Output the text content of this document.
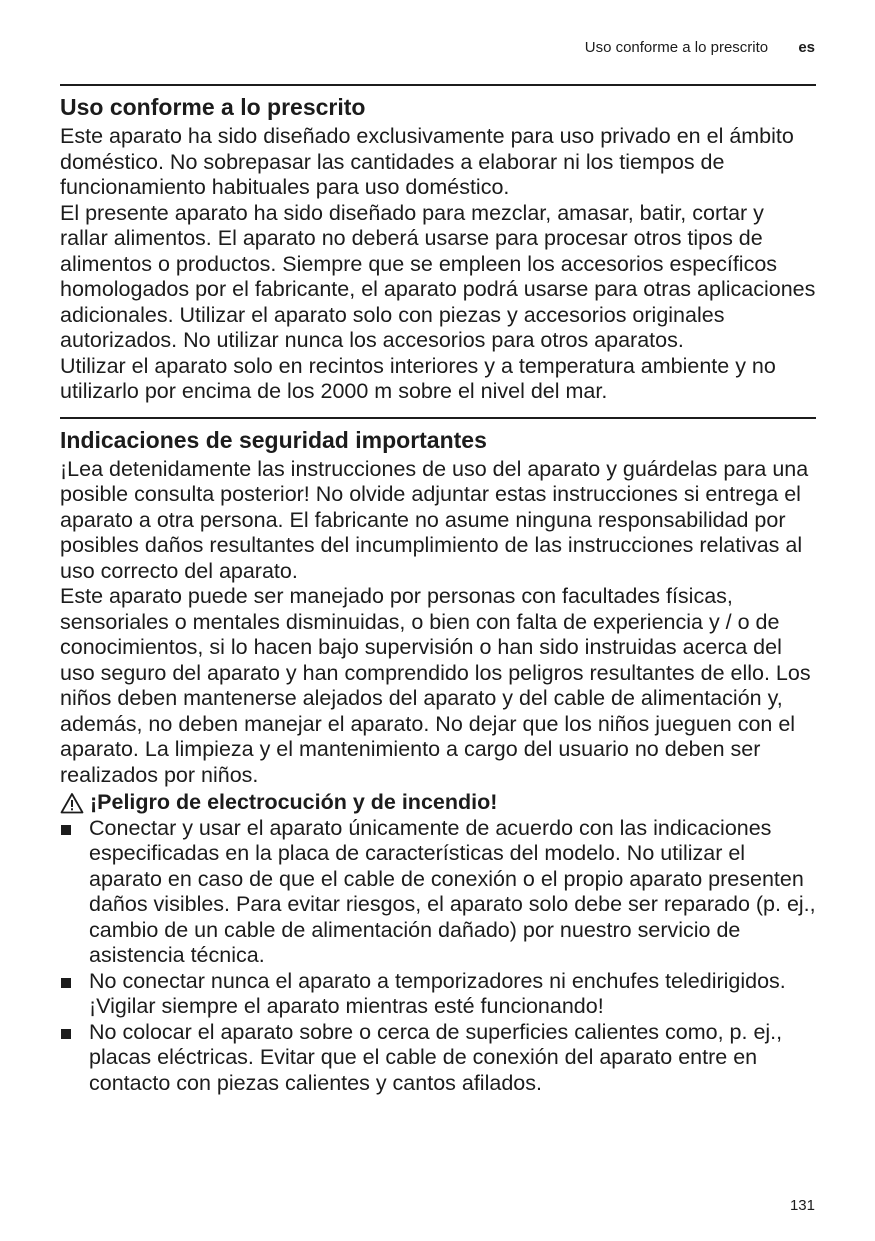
Uso conforme a lo prescrito es
Uso conforme a lo prescrito

Este aparato ha sido diseñado exclusivamente para uso privado en el ámbito doméstico. No sobrepasar las cantidades a elaborar ni los tiempos de funcionamiento habituales para uso doméstico.

El presente aparato ha sido diseñado para mezclar, amasar, batir, cortar y rallar alimentos. El aparato no deberá usarse para procesar otros tipos de alimentos o productos. Siempre que se empleen los accesorios específicos homologados por el fabricante, el aparato podrá usarse para otras aplicaciones adicionales. Utilizar el aparato solo con piezas y accesorios originales autorizados. No utilizar nunca los accesorios para otros aparatos.

Utilizar el aparato solo en recintos interiores y a temperatura ambiente y no utilizarlo por encima de los 2000 m sobre el nivel del mar.

Indicaciones de seguridad importantes

¡Lea detenidamente las instrucciones de uso del aparato y guárdelas para una posible consulta posterior! No olvide adjuntar estas instrucciones si entrega el aparato a otra persona. El fabricante no asume ninguna responsabilidad por posibles daños resultantes del incumplimiento de las instrucciones relativas al uso correcto del aparato.

Este aparato puede ser manejado por personas con facultades físicas, sensoriales o mentales disminuidas, o bien con falta de experiencia y / o de conocimientos, si lo hacen bajo supervisión o han sido instruidas acerca del uso seguro del aparato y han comprendido los peligros resultantes de ello. Los niños deben mantenerse alejados del aparato y del cable de alimentación y, además, no deben manejar el aparato. No dejar que los niños jueguen con el aparato. La limpieza y el mantenimiento a cargo del usuario no deben ser realizados por niños.

¡Peligro de electrocución y de incendio!
Conectar y usar el aparato únicamente de acuerdo con las indicaciones especificadas en la placa de características del modelo. No utilizar el aparato en caso de que el cable de conexión o el propio aparato presenten daños visibles. Para evitar riesgos, el aparato solo debe ser reparado (p. ej., cambio de un cable de alimentación dañado) por nuestro servicio de asistencia técnica.
No conectar nunca el aparato a temporizadores ni enchufes teledirigidos. ¡Vigilar siempre el aparato mientras esté funcionando!
No colocar el aparato sobre o cerca de superficies calientes como, p. ej., placas eléctricas. Evitar que el cable de conexión del aparato entre en contacto con piezas calientes y cantos afilados.
131
